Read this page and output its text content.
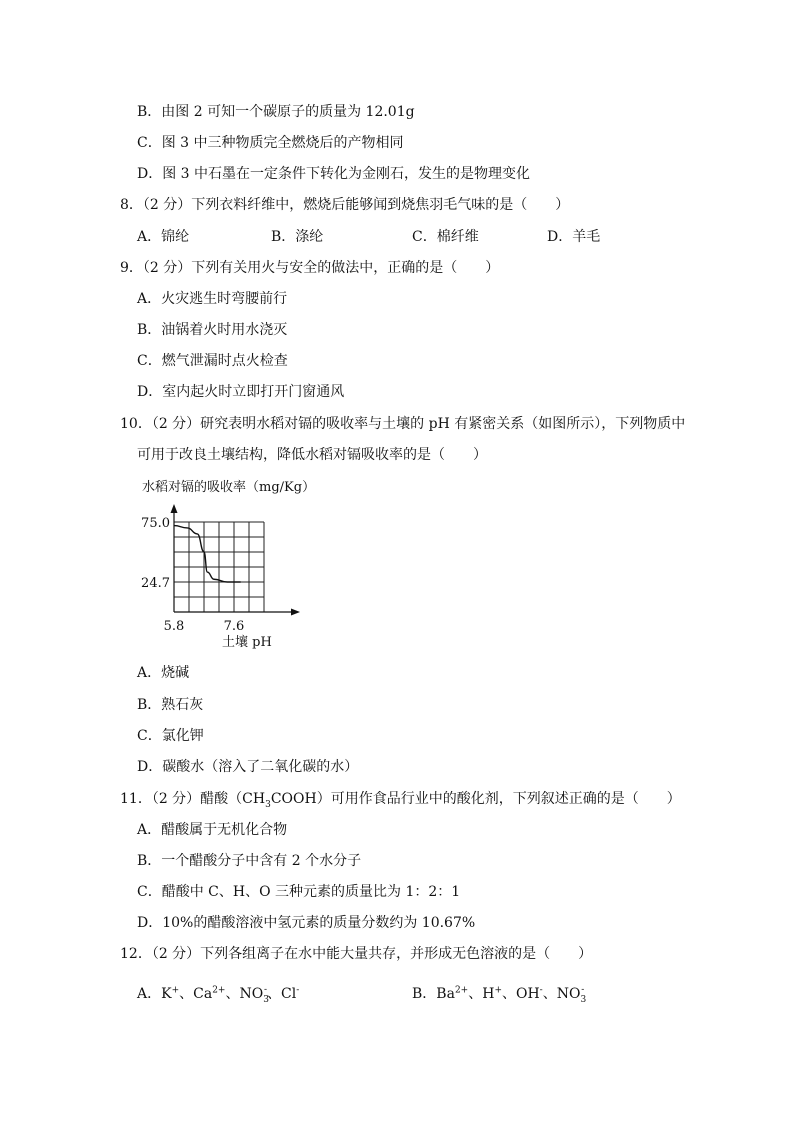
B．由图 2 可知一个碳原子的质量为 12.01g
C．图 3 中三种物质完全燃烧后的产物相同
D．图 3 中石墨在一定条件下转化为金刚石，发生的是物理变化
8．（2 分）下列衣料纤维中，燃烧后能够闻到烧焦羽毛气味的是（　　）
A．锦纶	B．涤纶	C．棉纤维	D．羊毛
9．（2 分）下列有关用火与安全的做法中，正确的是（　　）
A．火灾逃生时弯腰前行
B．油锅着火时用水浇灭
C．燃气泄漏时点火检查
D．室内起火时立即打开门窗通风
10．（2 分）研究表明水稻对镉的吸收率与土壤的 pH 有紧密关系（如图所示），下列物质中
可用于改良土壤结构，降低水稻对镉吸收率的是（　　）
水稻对镉的吸收率（mg/Kg）
75.0
24.7
5.8	7.6
土壤 pH
A．烧碱
B．熟石灰
C．氯化钾
D．碳酸水（溶入了二氧化碳的水）
11．（2 分）醋酸$(CH_3COOH)$可用作食品行业中的酸化剂，下列叙述正确的是（　　）
A．醋酸属于无机化合物
B．一个醋酸分子中含有 2 个水分子
C．醋酸中 C、H、O 三种元素的质量比为 1：2：1
D．10%的醋酸溶液中氢元素的质量分数约为 10.67%
12．（2 分）下列各组离子在水中能大量共存，并形成无色溶液的是（　　）
A．K+、$Ca^{2+}$、$NO_3^-$、Cl-	B．$Ba^{2+}$、H+、OH-、$NO_3^-$
